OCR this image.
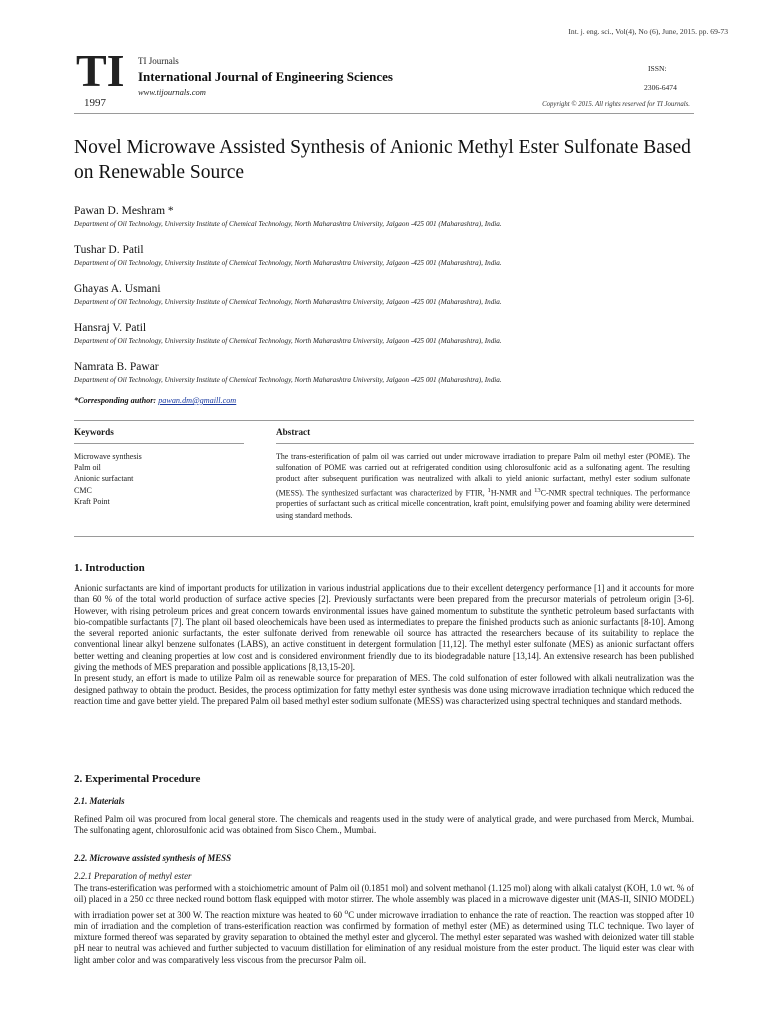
Int. j. eng. sci., Vol(4), No (6), June, 2015. pp. 69-73
TI
1997
TI Journals
International Journal of Engineering Sciences
www.tijournals.com
ISSN:
2306-6474
Copyright © 2015. All rights reserved for TI Journals.
Novel Microwave Assisted Synthesis of Anionic Methyl Ester Sulfonate Based on Renewable Source
Pawan D. Meshram *
Department of Oil Technology, University Institute of Chemical Technology, North Maharashtra University, Jalgaon -425 001 (Maharashtra), India.
Tushar D. Patil
Department of Oil Technology, University Institute of Chemical Technology, North Maharashtra University, Jalgaon -425 001 (Maharashtra), India.
Ghayas A. Usmani
Department of Oil Technology, University Institute of Chemical Technology, North Maharashtra University, Jalgaon -425 001 (Maharashtra), India.
Hansraj V. Patil
Department of Oil Technology, University Institute of Chemical Technology, North Maharashtra University, Jalgaon -425 001 (Maharashtra), India.
Namrata B. Pawar
Department of Oil Technology, University Institute of Chemical Technology, North Maharashtra University, Jalgaon -425 001 (Maharashtra), India.
*Corresponding author: pawan.dm@gmaill.com
Keywords	Abstract
Microwave synthesis
Palm oil
Anionic surfactant
CMC
Kraft Point
The trans-esterification of palm oil was carried out under microwave irradiation to prepare Palm oil methyl ester (POME). The sulfonation of POME was carried out at refrigerated condition using chlorosulfonic acid as a sulfonating agent. The resulting product after subsequent purification was neutralized with alkali to yield anionic surfactant, methyl ester sodium sulfonate (MESS). The synthesized surfactant was characterized by FTIR, $^1$H-NMR and $^{13}$C-NMR spectral techniques. The performance properties of surfactant such as critical micelle concentration, kraft point, emulsifying power and foaming ability were determined using standard methods.
1. Introduction

Anionic surfactants are kind of important products for utilization in various industrial applications due to their excellent detergency performance [1] and it accounts for more than 60 % of the total world production of surface active species [2]. Previously surfactants were been prepared from the precursor materials of petroleum origin [3-6]. However, with rising petroleum prices and great concern towards environmental issues have gained momentum to substitute the synthetic petroleum based surfactants with bio-compatible surfactants [7]. The plant oil based oleochemicals have been used as intermediates to prepare the finished products such as anionic surfactants [8-10]. Among the several reported anionic surfactants, the ester sulfonate derived from renewable oil source has attracted the researchers because of its suitability to replace the conventional linear alkyl benzene sulfonates (LABS), an active constituent in detergent formulation [11,12]. The methyl ester sulfonate (MES) as anionic surfactant offers better wetting and cleaning properties at low cost and is considered environment friendly due to its biodegradable nature [13,14]. An extensive research has been published giving the methods of MES preparation and possible applications [8,13,15-20].

In present study, an effort is made to utilize Palm oil as renewable source for preparation of MES. The cold sulfonation of ester followed with alkali neutralization was the designed pathway to obtain the product. Besides, the process optimization for fatty methyl ester synthesis was done using microwave irradiation technique which reduced the reaction time and gave better yield. The prepared Palm oil based methyl ester sodium sulfonate (MESS) was characterized using spectral techniques and standard methods.

2. Experimental Procedure
2.1. Materials
Refined Palm oil was procured from local general store. The chemicals and reagents used in the study were of analytical grade, and were purchased from Merck, Mumbai. The sulfonating agent, chlorosulfonic acid was obtained from Sisco Chem., Mumbai.
2.2. Microwave assisted synthesis of MESS
2.2.1 Preparation of methyl ester
The trans-esterification was performed with a stoichiometric amount of Palm oil (0.1851 mol) and solvent methanol (1.125 mol) along with alkali catalyst (KOH, 1.0 wt. % of oil) placed in a 250 cc three necked round bottom flask equipped with motor stirrer. The whole assembly was placed in a microwave digester unit (MAS-II, SINIO MODEL) with irradiation power set at 300 W. The reaction mixture was heated to 60 $^o$C under microwave irradiation to enhance the rate of reaction. The reaction was stopped after 10 min of irradiation and the completion of trans-esterification reaction was confirmed by formation of methyl ester (ME) as determined using TLC technique. Two layer of mixture formed thereof was separated by gravity separation to obtained the methyl ester and glycerol. The methyl ester separated was washed with deionized water till stable pH near to neutral was achieved and further subjected to vacuum distillation for elimination of any residual moisture from the ester product. The liquid ester was clear with light amber color and was comparatively less viscous from the precursor Palm oil.
